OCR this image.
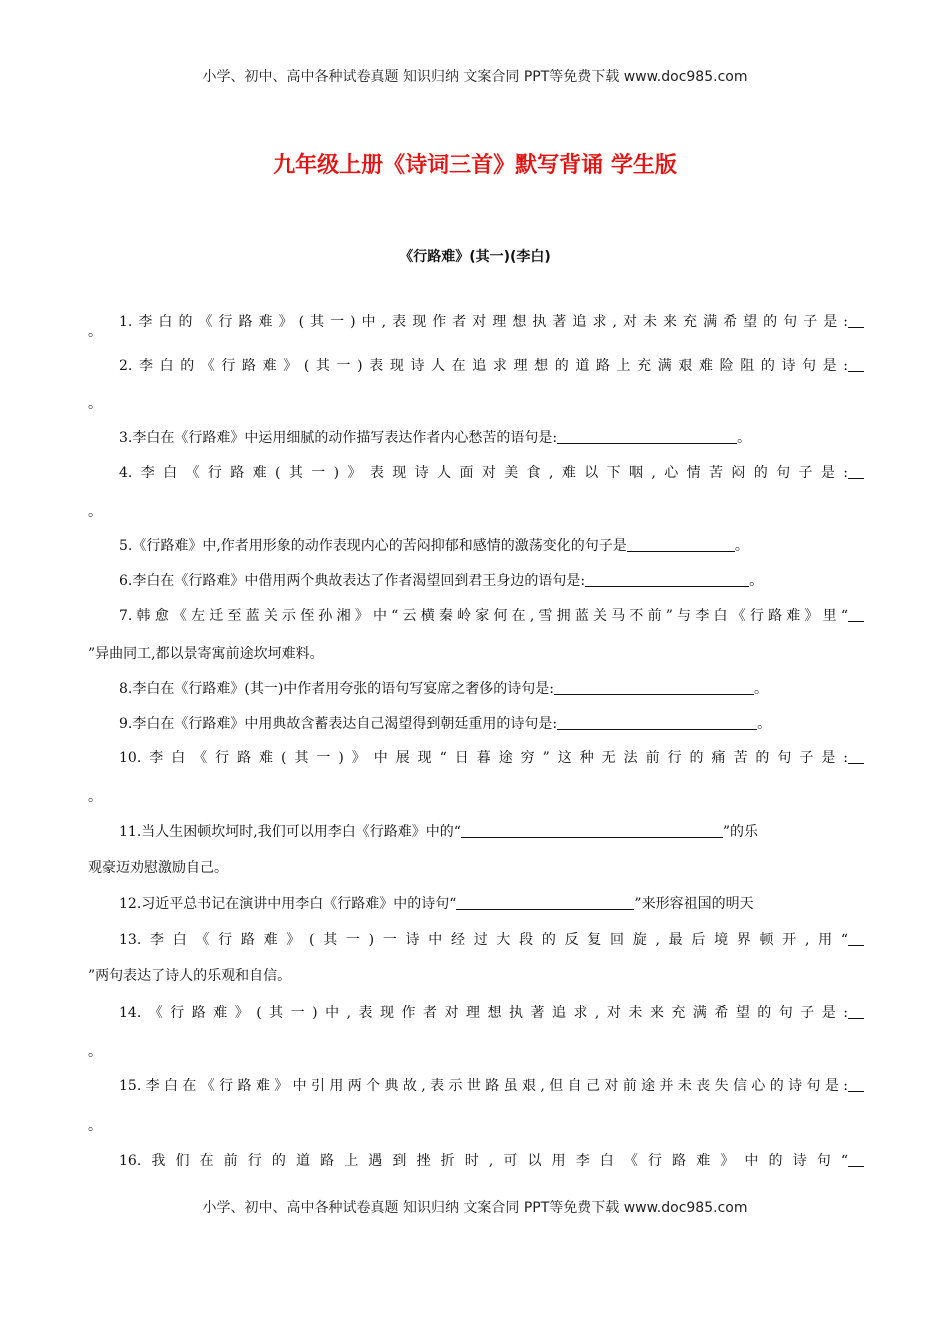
小学、初中、高中各种试卷真题 知识归纳 文案合同 PPT等免费下载 www.doc985.com
九年级上册《诗词三首》默写背诵 学生版
《行路难》(其一)(李白)
1.李白的《行路难》(其一)中,表现作者对理想执著追求,对未来充满希望的句子是:
。
2.李白的《行路难》(其一)表现诗人在追求理想的道路上充满艰难险阻的诗句是:
。
3.李白在《行路难》中运用细腻的动作描写表达作者内心愁苦的语句是:	。
4.李白《行路难(其一)》表现诗人面对美食,难以下咽,心情苦闷的句子是:
。
5.《行路难》中,作者用形象的动作表现内心的苦闷抑郁和感情的激荡变化的句子是	。
6.李白在《行路难》中借用两个典故表达了作者渴望回到君王身边的语句是:	。
7.韩愈《左迁至蓝关示侄孙湘》中“云横秦岭家何在,雪拥蓝关马不前”与李白《行路难》里“
”异曲同工,都以景寄寓前途坎坷难料。
8.李白在《行路难》(其一)中作者用夸张的语句写宴席之奢侈的诗句是:	。
9.李白在《行路难》中用典故含蓄表达自己渴望得到朝廷重用的诗句是:	。
10.李白《行路难(其一)》中展现“日暮途穷”这种无法前行的痛苦的句子是:
。
11.当人生困顿坎坷时,我们可以用李白《行路难》中的“	”的乐
观豪迈劝慰激励自己。
12.习近平总书记在演讲中用李白《行路难》中的诗句“	”来形容祖国的明天
13.李白《行路难》(其一)一诗中经过大段的反复回旋,最后境界顿开,用“
”两句表达了诗人的乐观和自信。
14.《行路难》(其一)中,表现作者对理想执著追求,对未来充满希望的句子是:
。
15.李白在《行路难》中引用两个典故,表示世路虽艰,但自己对前途并未丧失信心的诗句是:
。
16.我们在前行的道路上遇到挫折时,可以用李白《行路难》中的诗句“
小学、初中、高中各种试卷真题 知识归纳 文案合同 PPT等免费下载 www.doc985.com
